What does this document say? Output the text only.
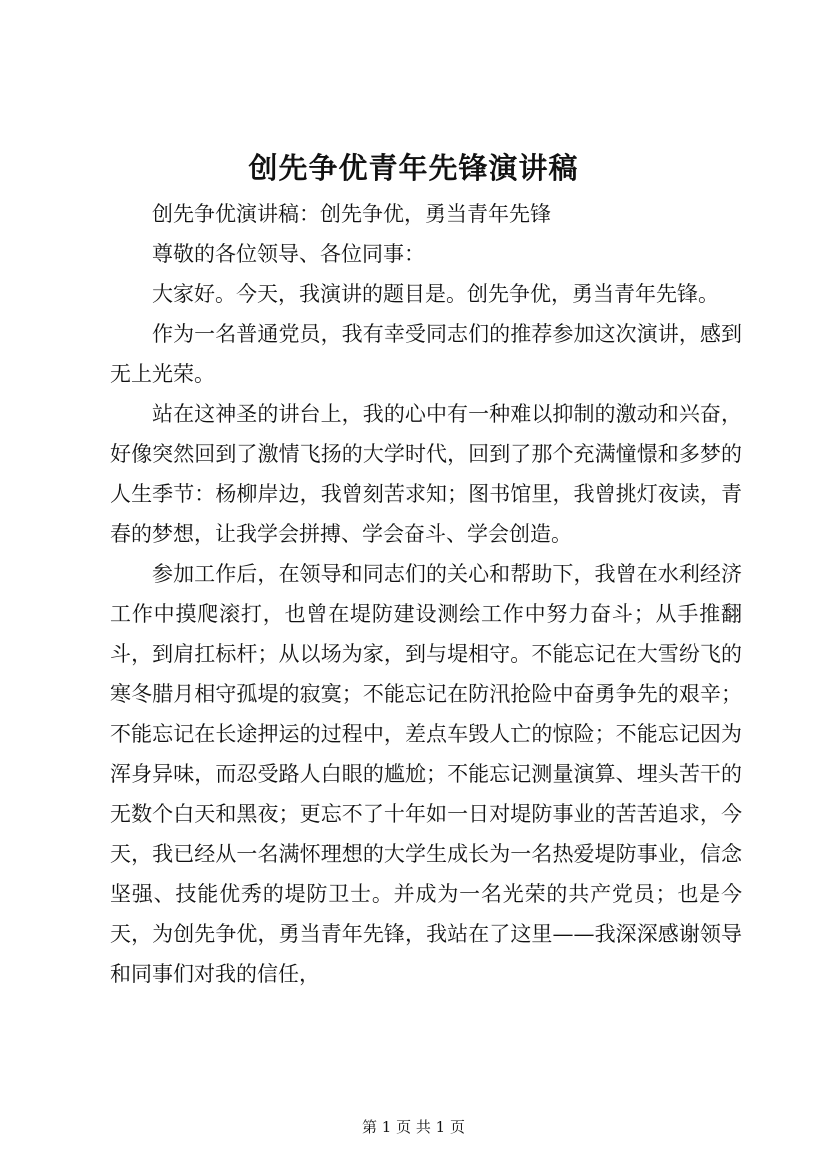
创先争优青年先锋演讲稿

创先争优演讲稿：创先争优，勇当青年先锋

尊敬的各位领导、各位同事：

大家好。今天，我演讲的题目是。创先争优，勇当青年先锋。

作为一名普通党员，我有幸受同志们的推荐参加这次演讲，感到无上光荣。

站在这神圣的讲台上，我的心中有一种难以抑制的激动和兴奋，好像突然回到了激情飞扬的大学时代，回到了那个充满憧憬和多梦的人生季节：杨柳岸边，我曾刻苦求知；图书馆里，我曾挑灯夜读，青春的梦想，让我学会拼搏、学会奋斗、学会创造。

参加工作后，在领导和同志们的关心和帮助下，我曾在水利经济工作中摸爬滚打，也曾在堤防建设测绘工作中努力奋斗；从手推翻斗，到肩扛标杆；从以场为家，到与堤相守。不能忘记在大雪纷飞的寒冬腊月相守孤堤的寂寞；不能忘记在防汛抢险中奋勇争先的艰辛；不能忘记在长途押运的过程中，差点车毁人亡的惊险；不能忘记因为浑身异味，而忍受路人白眼的尴尬；不能忘记测量演算、埋头苦干的无数个白天和黑夜；更忘不了十年如一日对堤防事业的苦苦追求，今天，我已经从一名满怀理想的大学生成长为一名热爱堤防事业，信念坚强、技能优秀的堤防卫士。并成为一名光荣的共产党员；也是今天，为创先争优，勇当青年先锋，我站在了这里——我深深感谢领导和同事们对我的信任，

第 1 页 共 1 页
